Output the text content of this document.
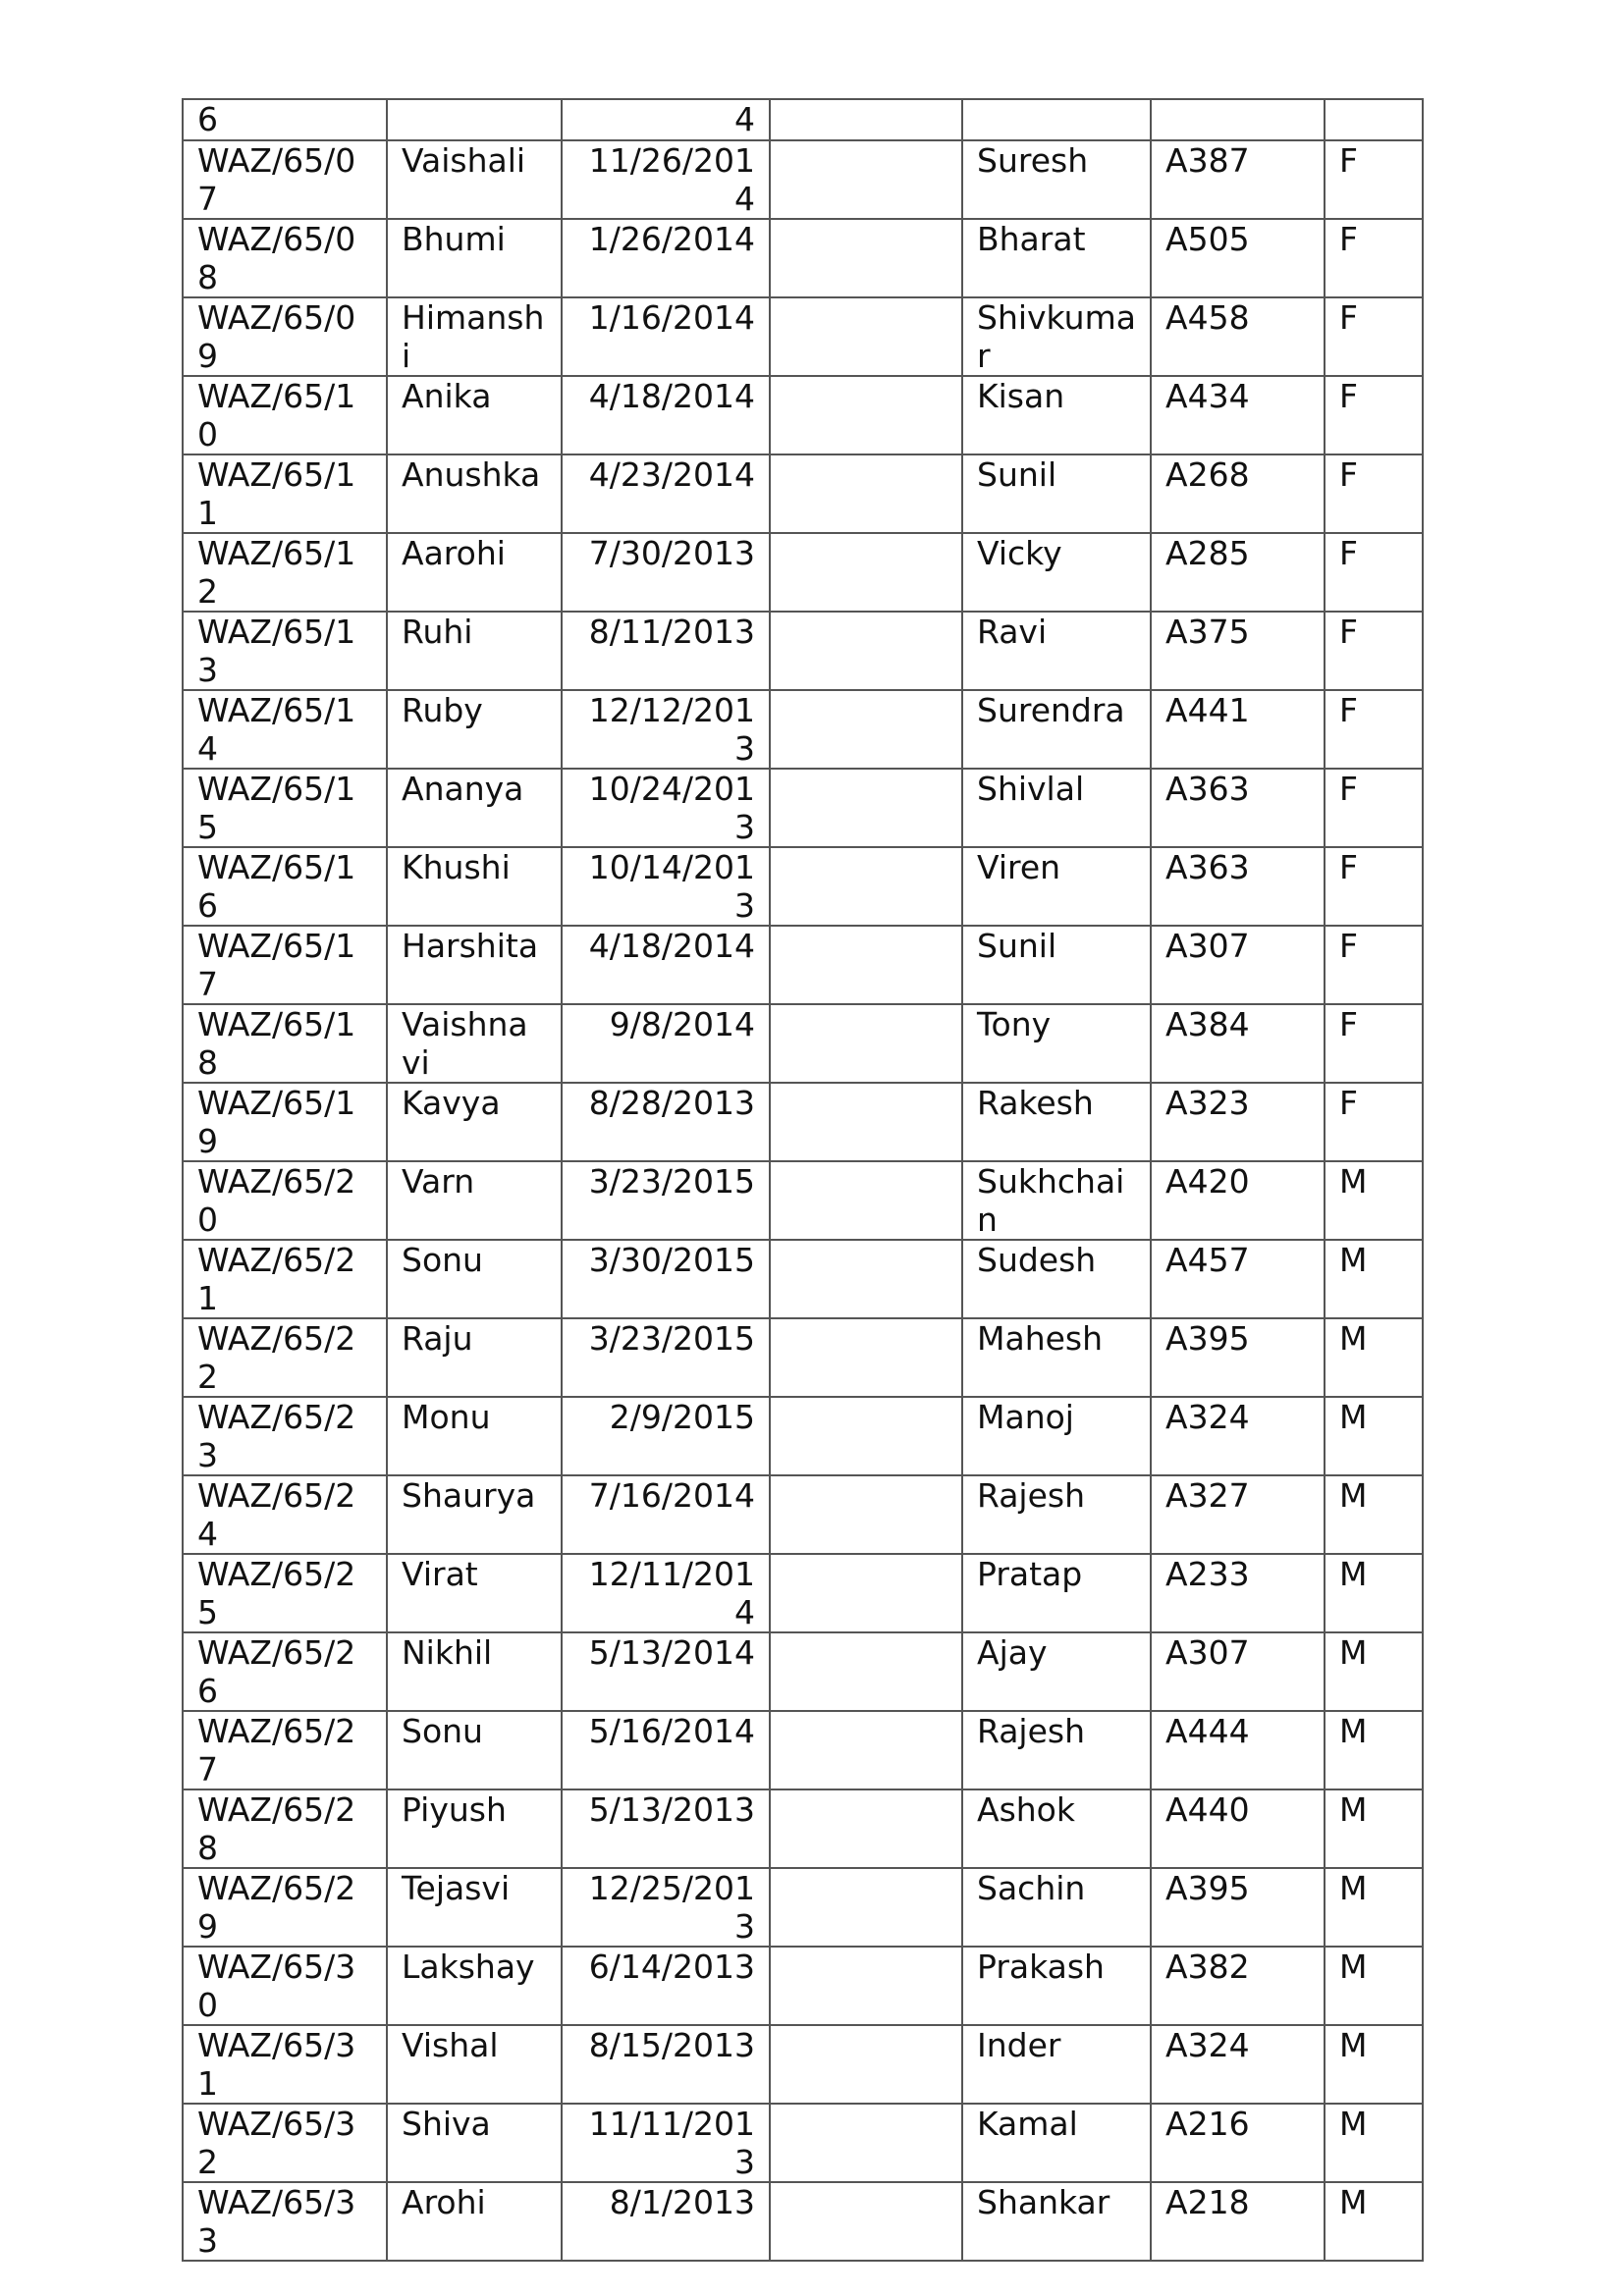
6		4				
WAZ/65/07	Vaishali	11/26/2014		Suresh	A387	F
WAZ/65/08	Bhumi	1/26/2014		Bharat	A505	F
WAZ/65/09	Himanshi	1/16/2014		Shivkumar	A458	F
WAZ/65/10	Anika	4/18/2014		Kisan	A434	F
WAZ/65/11	Anushka	4/23/2014		Sunil	A268	F
WAZ/65/12	Aarohi	7/30/2013		Vicky	A285	F
WAZ/65/13	Ruhi	8/11/2013		Ravi	A375	F
WAZ/65/14	Ruby	12/12/2013		Surendra	A441	F
WAZ/65/15	Ananya	10/24/2013		Shivlal	A363	F
WAZ/65/16	Khushi	10/14/2013		Viren	A363	F
WAZ/65/17	Harshita	4/18/2014		Sunil	A307	F
WAZ/65/18	Vaishnavi	9/8/2014		Tony	A384	F
WAZ/65/19	Kavya	8/28/2013		Rakesh	A323	F
WAZ/65/20	Varn	3/23/2015		Sukhchain	A420	M
WAZ/65/21	Sonu	3/30/2015		Sudesh	A457	M
WAZ/65/22	Raju	3/23/2015		Mahesh	A395	M
WAZ/65/23	Monu	2/9/2015		Manoj	A324	M
WAZ/65/24	Shaurya	7/16/2014		Rajesh	A327	M
WAZ/65/25	Virat	12/11/2014		Pratap	A233	M
WAZ/65/26	Nikhil	5/13/2014		Ajay	A307	M
WAZ/65/27	Sonu	5/16/2014		Rajesh	A444	M
WAZ/65/28	Piyush	5/13/2013		Ashok	A440	M
WAZ/65/29	Tejasvi	12/25/2013		Sachin	A395	M
WAZ/65/30	Lakshay	6/14/2013		Prakash	A382	M
WAZ/65/31	Vishal	8/15/2013		Inder	A324	M
WAZ/65/32	Shiva	11/11/2013		Kamal	A216	M
WAZ/65/33	Arohi	8/1/2013		Shankar	A218	M
